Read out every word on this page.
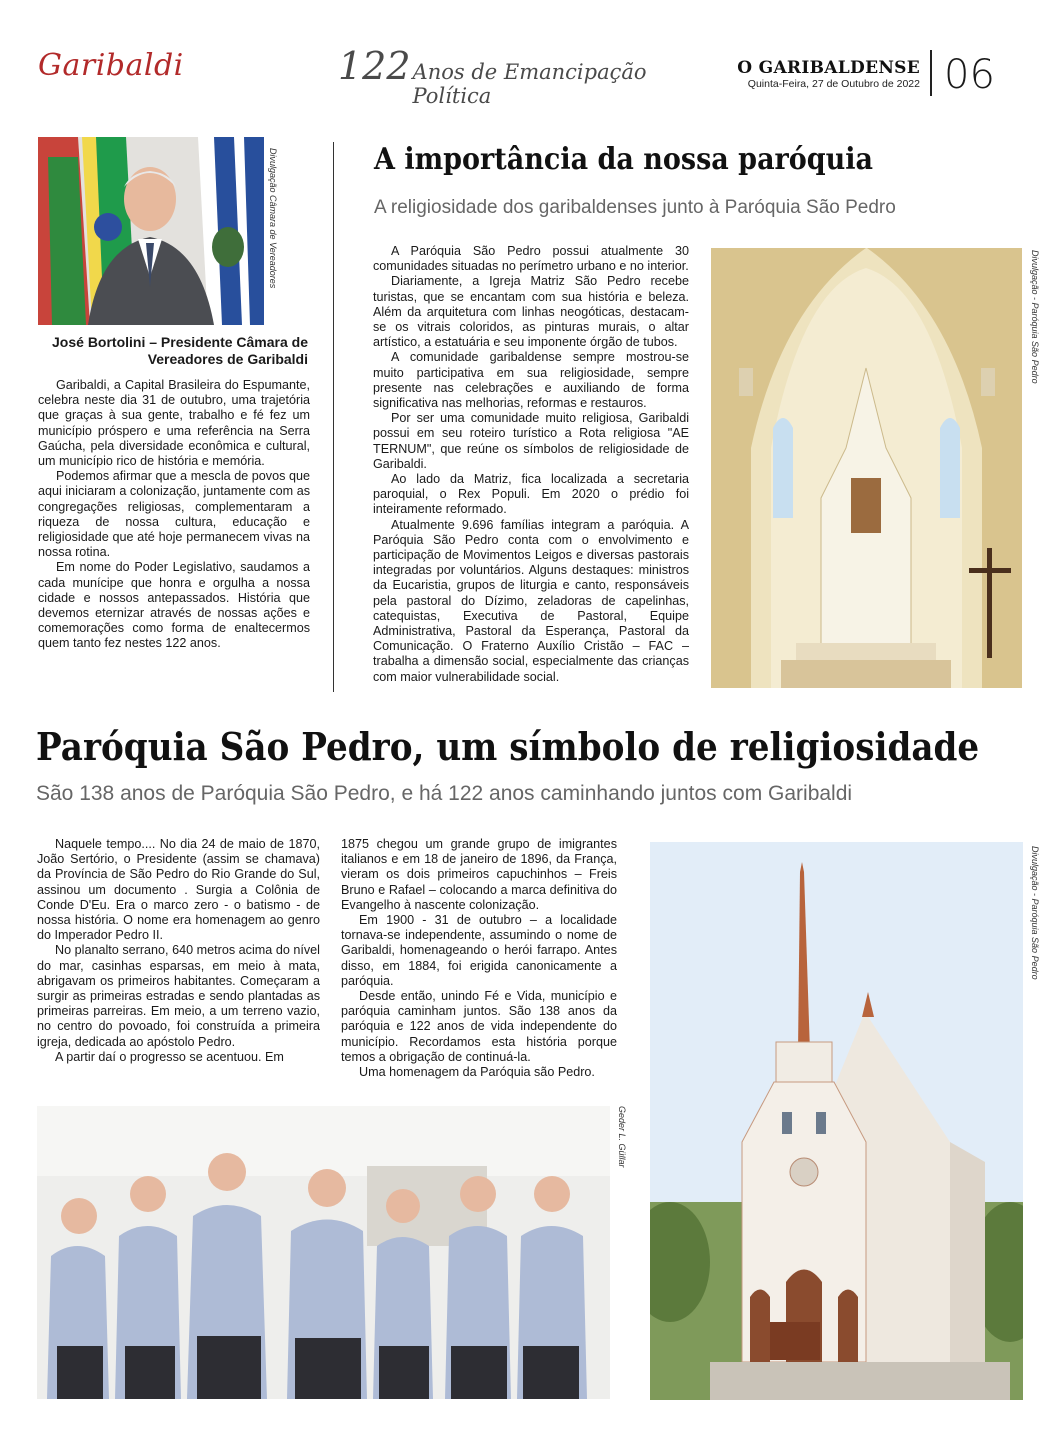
Garibaldi	122 Anos de Emancipação Política
O GARIBALDENSE
Quinta-Feira, 27 de Outubro de 2022 06
Divulgação Câmara de Vereadores
José Bortolini – Presidente Câmara de Vereadores de Garibaldi

Garibaldi, a Capital Brasileira do Espumante, celebra neste dia 31 de outubro, uma trajetória que graças à sua gente, trabalho e fé fez um município próspero e uma referência na Serra Gaúcha, pela diversidade econômica e cultural, um município rico de história e memória.

Podemos afirmar que a mescla de povos que aqui iniciaram a colonização, juntamente com as congregações religiosas, complementaram a riqueza de nossa cultura, educação e religiosidade que até hoje permanecem vivas na nossa rotina.

Em nome do Poder Legislativo, saudamos a cada munícipe que honra e orgulha a nossa cidade e nossos antepassados. História que devemos eternizar através de nossas ações e comemorações como forma de enaltecermos quem tanto fez nestes 122 anos.

A importância da nossa paróquia
A religiosidade dos garibaldenses junto à Paróquia São Pedro

A Paróquia São Pedro possui atualmente 30 comunidades situadas no perímetro urbano e no interior.

Diariamente, a Igreja Matriz São Pedro recebe turistas, que se encantam com sua história e beleza. Além da arquitetura com linhas neogóticas, destacam-se os vitrais coloridos, as pinturas murais, o altar artístico, a estatuária e seu imponente órgão de tubos.

A comunidade garibaldense sempre mostrou-se muito participativa em sua religiosidade, sempre presente nas celebrações e auxiliando de forma significativa nas melhorias, reformas e restauros.

Por ser uma comunidade muito religiosa, Garibaldi possui em seu roteiro turístico a Rota religiosa "AE TERNUM", que reúne os símbolos de religiosidade de Garibaldi.

Ao lado da Matriz, fica localizada a secretaria paroquial, o Rex Populi. Em 2020 o prédio foi inteiramente reformado.

Atualmente 9.696 famílias integram a paróquia. A Paróquia São Pedro conta com o envolvimento e participação de Movimentos Leigos e diversas pastorais integradas por voluntários. Alguns destaques: ministros da Eucaristia, grupos de liturgia e canto, responsáveis pela pastoral do Dízimo, zeladoras de capelinhas, catequistas, Executiva de Pastoral, Equipe Administrativa, Pastoral da Esperança, Pastoral da Comunicação. O Fraterno Auxílio Cristão – FAC – trabalha a dimensão social, especialmente das crianças com maior vulnerabilidade social.

Divulgação - Paróquia São Pedro
Paróquia São Pedro, um símbolo de religiosidade
São 138 anos de Paróquia São Pedro, e há 122 anos caminhando juntos com Garibaldi

Naquele tempo.... No dia 24 de maio de 1870, João Sertório, o Presidente (assim se chamava) da Província de São Pedro do Rio Grande do Sul, assinou um documento . Surgia a Colônia de Conde D'Eu. Era o marco zero - o batismo - de nossa história. O nome era homenagem ao genro do Imperador Pedro II.

No planalto serrano, 640 metros acima do nível do mar, casinhas esparsas, em meio à mata, abrigavam os primeiros habitantes. Começaram a surgir as primeiras estradas e sendo plantadas as primeiras parreiras. Em meio, a um terreno vazio, no centro do povoado, foi construída a primeira igreja, dedicada ao apóstolo Pedro.

A partir daí o progresso se acentuou. Em

1875 chegou um grande grupo de imigrantes italianos e em 18 de janeiro de 1896, da França, vieram os dois primeiros capuchinhos – Freis Bruno e Rafael – colocando a marca definitiva do Evangelho à nascente colonização.

Em 1900 - 31 de outubro – a localidade tornava-se independente, assumindo o nome de Garibaldi, homenageando o herói farrapo. Antes disso, em 1884, foi erigida canonicamente a paróquia.

Desde então, unindo Fé e Vida, município e paróquia caminham juntos. São 138 anos da paróquia e 122 anos de vida independente do município. Recordamos esta história porque temos a obrigação de continuá-la.

Uma homenagem da Paróquia são Pedro.

Divulgação - Paróquia São Pedro
Geder L. Güllar
